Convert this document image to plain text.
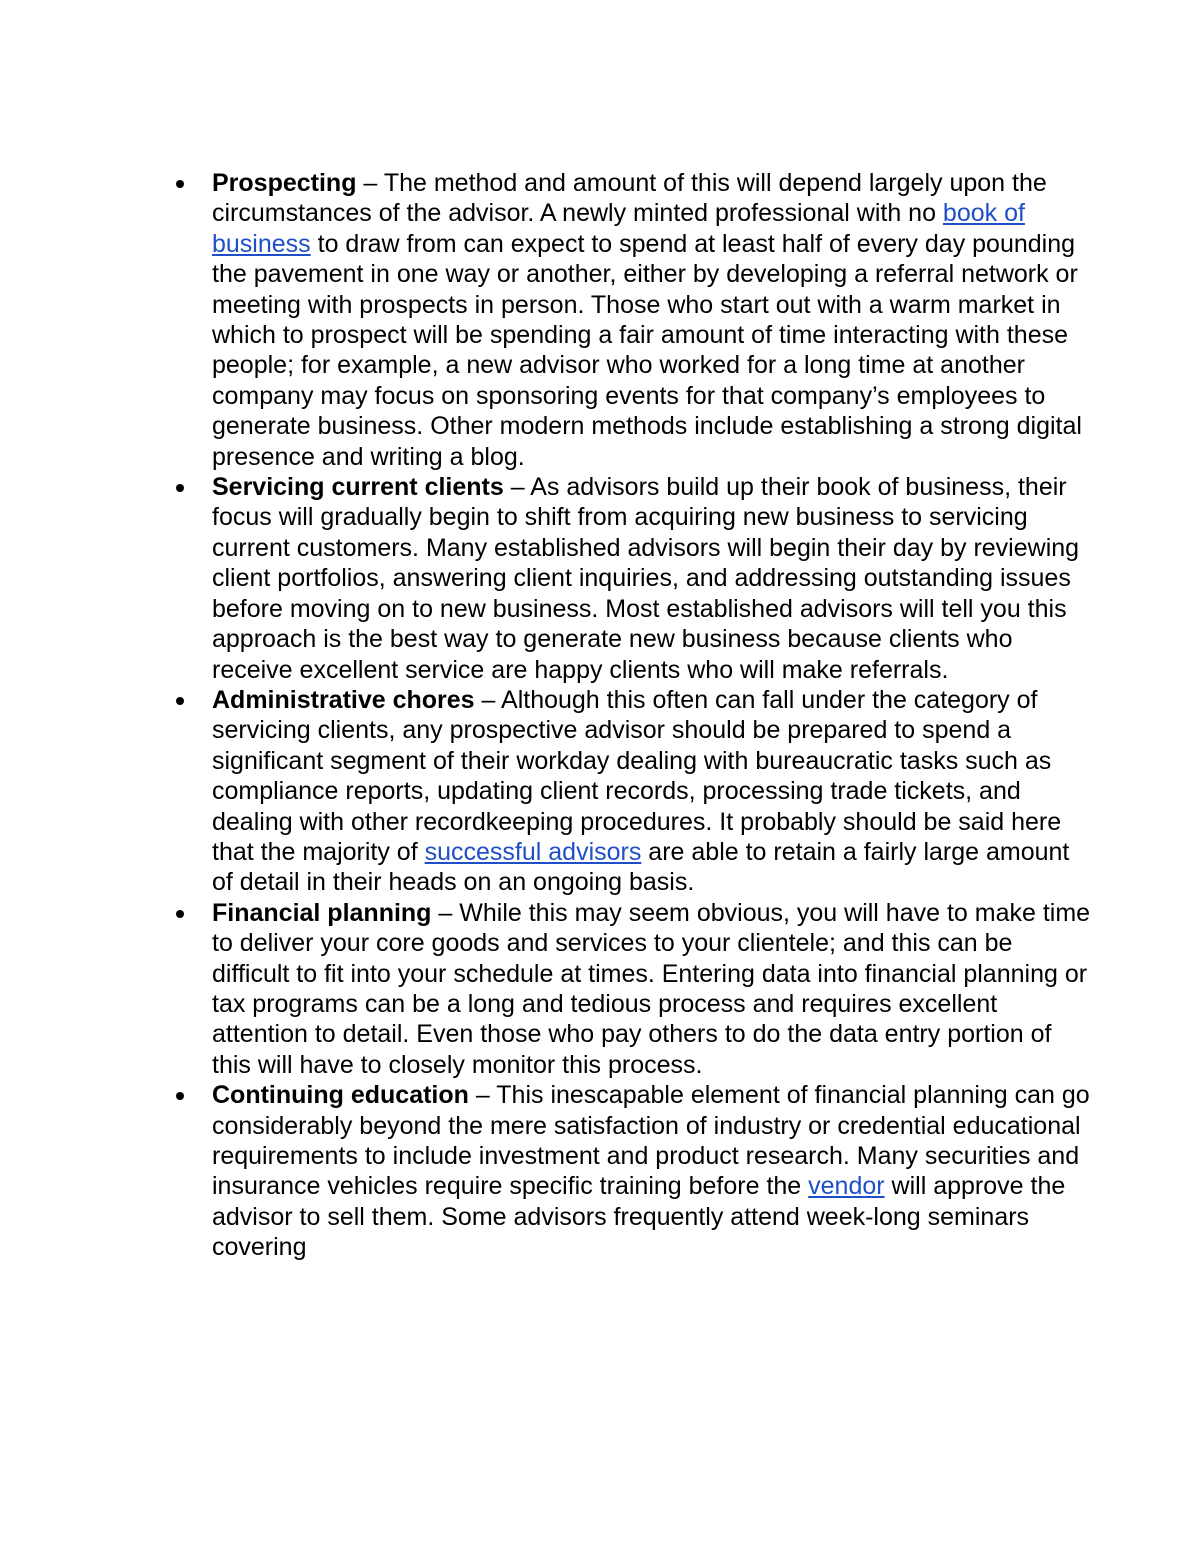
Prospecting – The method and amount of this will depend largely upon the circumstances of the advisor. A newly minted professional with no book of business to draw from can expect to spend at least half of every day pounding the pavement in one way or another, either by developing a referral network or meeting with prospects in person. Those who start out with a warm market in which to prospect will be spending a fair amount of time interacting with these people; for example, a new advisor who worked for a long time at another company may focus on sponsoring events for that company’s employees to generate business. Other modern methods include establishing a strong digital presence and writing a blog.
Servicing current clients – As advisors build up their book of business, their focus will gradually begin to shift from acquiring new business to servicing current customers. Many established advisors will begin their day by reviewing client portfolios, answering client inquiries, and addressing outstanding issues before moving on to new business. Most established advisors will tell you this approach is the best way to generate new business because clients who receive excellent service are happy clients who will make referrals.
Administrative chores – Although this often can fall under the category of servicing clients, any prospective advisor should be prepared to spend a significant segment of their workday dealing with bureaucratic tasks such as compliance reports, updating client records, processing trade tickets, and dealing with other recordkeeping procedures. It probably should be said here that the majority of successful advisors are able to retain a fairly large amount of detail in their heads on an ongoing basis.
Financial planning – While this may seem obvious, you will have to make time to deliver your core goods and services to your clientele; and this can be difficult to fit into your schedule at times. Entering data into financial planning or tax programs can be a long and tedious process and requires excellent attention to detail. Even those who pay others to do the data entry portion of this will have to closely monitor this process.
Continuing education – This inescapable element of financial planning can go considerably beyond the mere satisfaction of industry or credential educational requirements to include investment and product research. Many securities and insurance vehicles require specific training before the vendor will approve the advisor to sell them. Some advisors frequently attend week-long seminars covering
